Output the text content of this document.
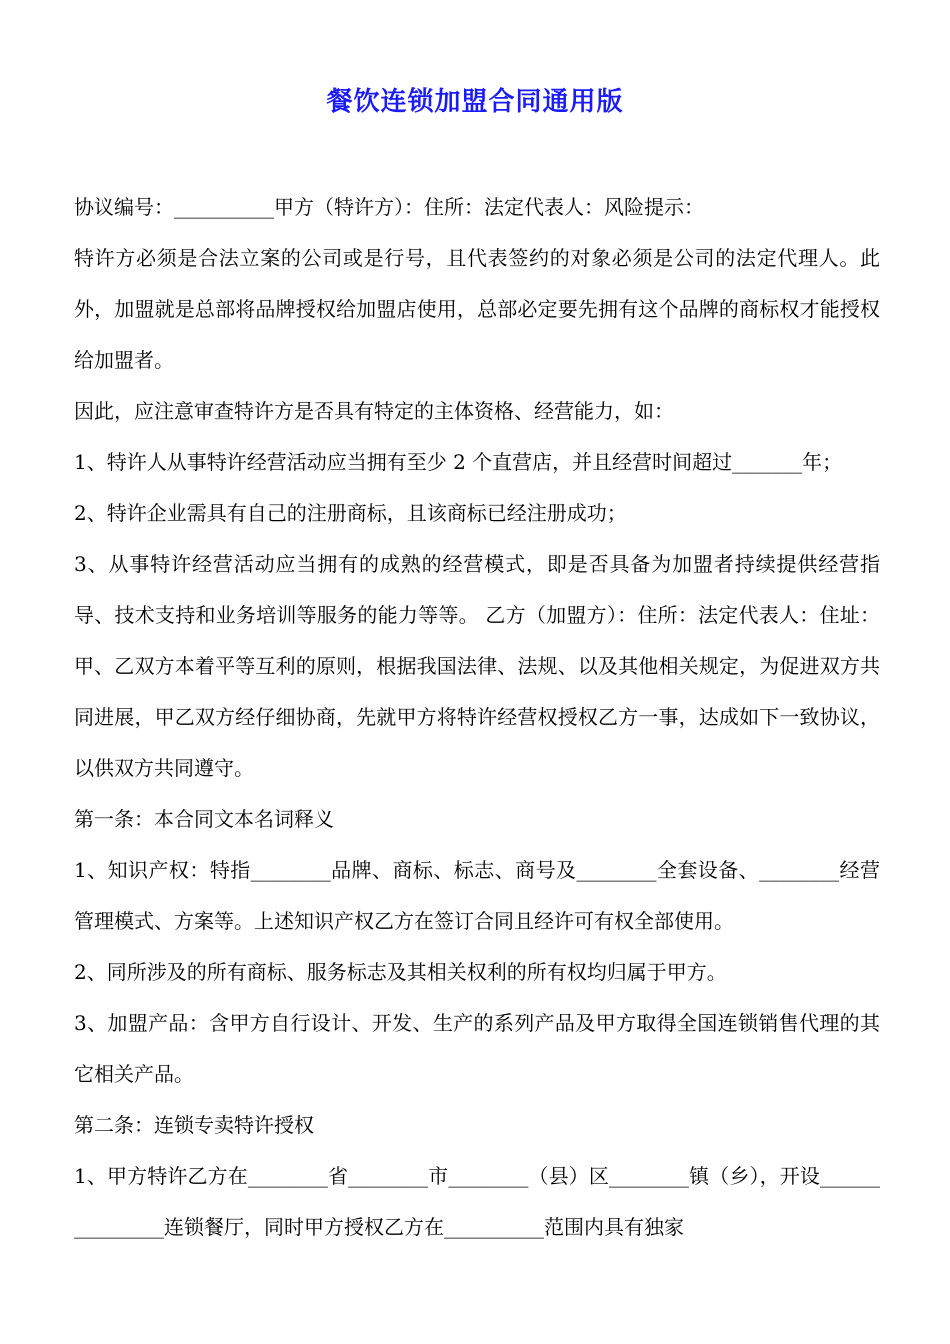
餐饮连锁加盟合同通用版

协议编号：__________甲方（特许方）：住所：法定代表人：风险提示：

特许方必须是合法立案的公司或是行号，且代表签约的对象必须是公司的法定代理人。此外，加盟就是总部将品牌授权给加盟店使用，总部必定要先拥有这个品牌的商标权才能授权给加盟者。

因此，应注意审查特许方是否具有特定的主体资格、经营能力，如：

1、特许人从事特许经营活动应当拥有至少 2 个直营店，并且经营时间超过_______年；

2、特许企业需具有自己的注册商标，且该商标已经注册成功；

3、从事特许经营活动应当拥有的成熟的经营模式，即是否具备为加盟者持续提供经营指导、技术支持和业务培训等服务的能力等等。 乙方（加盟方）：住所：法定代表人：住址：甲、乙双方本着平等互利的原则，根据我国法律、法规、以及其他相关规定，为促进双方共同进展，甲乙双方经仔细协商，先就甲方将特许经营权授权乙方一事，达成如下一致协议，以供双方共同遵守。

第一条：本合同文本名词释义

1、知识产权：特指________品牌、商标、标志、商号及________全套设备、________经营管理模式、方案等。上述知识产权乙方在签订合同且经许可有权全部使用。

2、同所涉及的所有商标、服务标志及其相关权利的所有权均归属于甲方。

3、加盟产品：含甲方自行设计、开发、生产的系列产品及甲方取得全国连锁销售代理的其它相关产品。

第二条：连锁专卖特许授权

1、甲方特许乙方在________省________市________（县）区________镇（乡），开设_______________连锁餐厅，同时甲方授权乙方在__________范围内具有独家
